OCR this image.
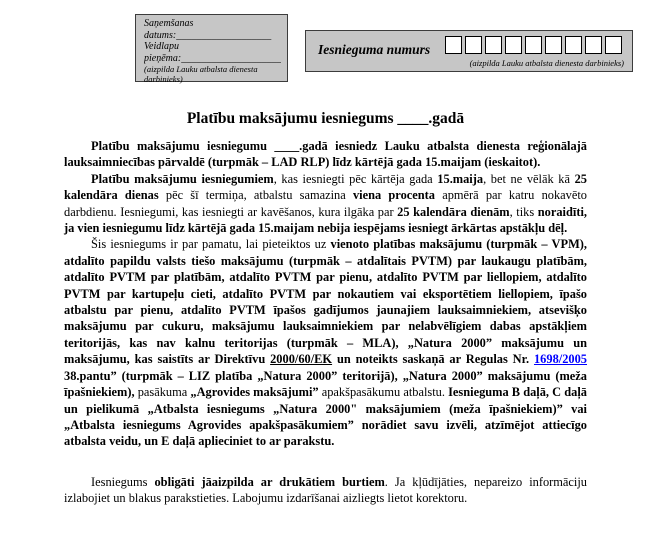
Saņemšanas
datums:___________________
Veidlapu
pieņēma:____________________
(aizpilda Lauku atbalsta dienesta darbinieks)
Iesnieguma numurs
(aizpilda Lauku atbalsta dienesta darbinieks)
Platību maksājumu iesniegums ____.gadā

Platību maksājumu iesniegumu ____.gadā iesniedz Lauku atbalsta dienesta reģionālajā lauksaimniecības pārvaldē (turpmāk – LAD RLP) līdz kārtējā gada 15.maijam (ieskaitot).

Platību maksājumu iesniegumiem, kas iesniegti pēc kārtēja gada 15.maija, bet ne vēlāk kā 25 kalendāra dienas pēc šī termiņa, atbalstu samazina viena procenta apmērā par katru nokavēto darbdienu. Iesniegumi, kas iesniegti ar kavēšanos, kura ilgāka par 25 kalendāra dienām, tiks noraidīti, ja vien iesniegumu līdz kārtējā gada 15.maijam nebija iespējams iesniegt ārkārtas apstākļu dēļ.

Šis iesniegums ir par pamatu, lai pieteiktos uz vienoto platības maksājumu (turpmāk – VPM), atdalīto papildu valsts tiešo maksājumu (turpmāk – atdalītais PVTM) par laukaugu platībām, atdalīto PVTM par platībām, atdalīto PVTM par pienu, atdalīto PVTM par liellopiem, atdalīto PVTM par kartupeļu cieti, atdalīto PVTM par nokautiem vai eksportētiem liellopiem, īpašo atbalstu par pienu, atdalīto PVTM īpašos gadījumos jaunajiem lauksaimniekiem, atsevišķo maksājumu par cukuru, maksājumu lauksaimniekiem par nelabvēlīgiem dabas apstākļiem teritorijās, kas nav kalnu teritorijas (turpmāk – MLA), „Natura 2000” maksājumu un maksājumu, kas saistīts ar Direktīvu 2000/60/EK un noteikts saskaņā ar Regulas Nr. 1698/2005 38.pantu” (turpmāk – LIZ platība „Natura 2000” teritorijā), „Natura 2000” maksājumu (meža īpašniekiem), pasākuma „Agrovides maksājumi” apakšpasākumu atbalstu. Iesnieguma B daļā, C daļā un pielikumā „Atbalsta iesniegums „Natura 2000" maksājumiem (meža īpašniekiem)” vai „Atbalsta iesniegums Agrovides apakšpasākumiem” norādiet savu izvēli, atzīmējot attiecīgo atbalsta veidu, un E daļā aplieciniet to ar parakstu.

Iesniegums obligāti jāaizpilda ar drukātiem burtiem. Ja kļūdījāties, nepareizo informāciju izlabojiet un blakus parakstieties. Labojumu izdarīšanai aizliegts lietot korektoru.
